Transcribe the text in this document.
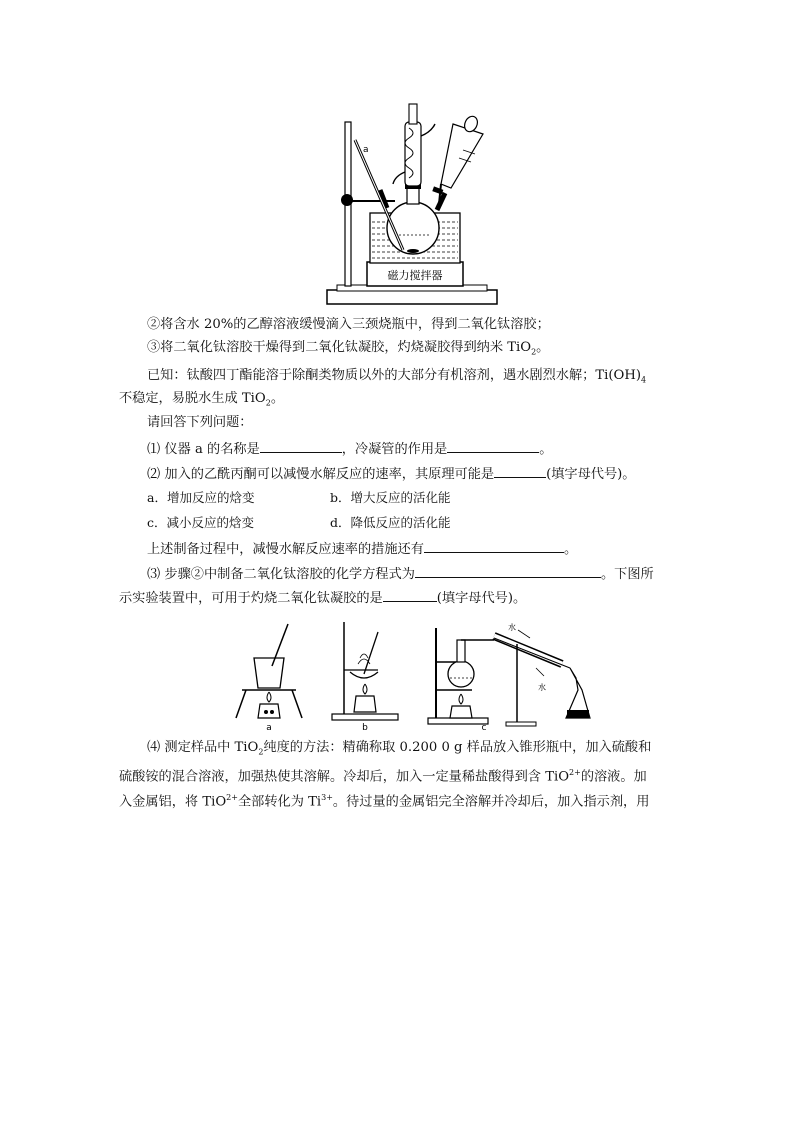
磁力搅拌器
a
②将含水 20%的乙醇溶液缓慢滴入三颈烧瓶中，得到二氧化钛溶胶；
③将二氧化钛溶胶干燥得到二氧化钛凝胶，灼烧凝胶得到纳米 TiO$_2$。
已知：钛酸四丁酯能溶于除酮类物质以外的大部分有机溶剂，遇水剧烈水解；$Ti(OH)_4$
不稳定，易脱水生成 TiO$_2$。
请回答下列问题：
⑴ 仪器 a 的名称是	，冷凝管的作用是	。
⑵ 加入的乙酰丙酮可以减慢水解反应的速率，其原理可能是	(填字母代号)。
a．增加反应的焓变	b．增大反应的活化能
c．减小反应的焓变	d．降低反应的活化能
上述制备过程中，减慢水解反应速率的措施还有	。
⑶ 步骤②中制备二氧化钛溶胶的化学方程式为	。下图所
示实验装置中，可用于灼烧二氧化钛凝胶的是	(填字母代号)。
a	b
水
水
c
⑷ 测定样品中 TiO$_2$纯度的方法：精确称取 0.200 0 g 样品放入锥形瓶中，加入硫酸和
硫酸铵的混合溶液，加强热使其溶解。冷却后，加入一定量稀盐酸得到含 TiO$^{2+}$的溶液。加
入金属铝，将 TiO$^{2+}$全部转化为 $Ti^{3+}$。待过量的金属铝完全溶解并冷却后，加入指示剂，用
